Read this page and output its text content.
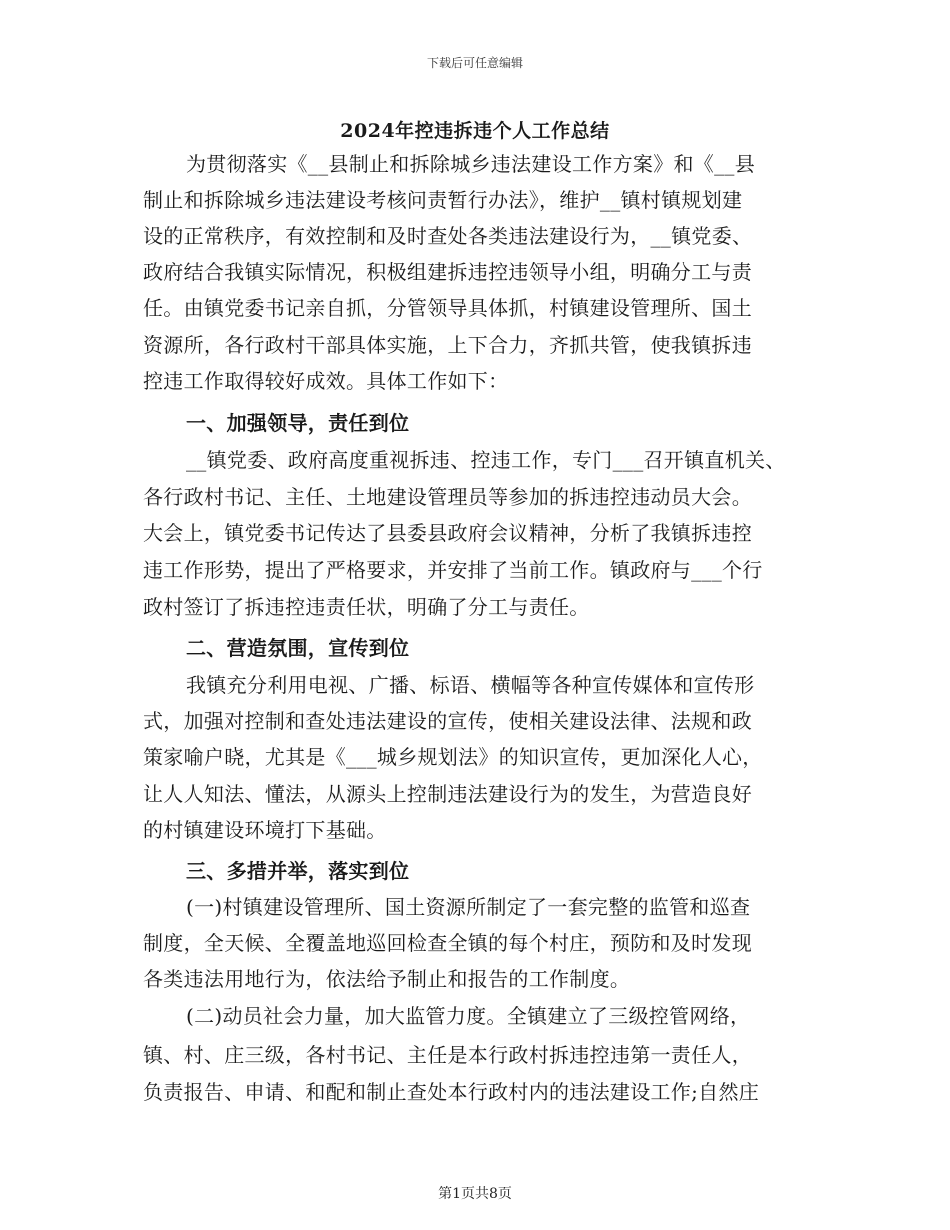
下载后可任意编辑
2024年控违拆违个人工作总结
为贯彻落实《__县制止和拆除城乡违法建设工作方案》和《__县
制止和拆除城乡违法建设考核问责暂行办法》，维护__镇村镇规划建
设的正常秩序，有效控制和及时查处各类违法建设行为，__镇党委、
政府结合我镇实际情况，积极组建拆违控违领导小组，明确分工与责
任。由镇党委书记亲自抓，分管领导具体抓，村镇建设管理所、国土
资源所，各行政村干部具体实施，上下合力，齐抓共管，使我镇拆违
控违工作取得较好成效。具体工作如下：
一、加强领导，责任到位
__镇党委、政府高度重视拆违、控违工作，专门___召开镇直机关、
各行政村书记、主任、土地建设管理员等参加的拆违控违动员大会。
大会上，镇党委书记传达了县委县政府会议精神，分析了我镇拆违控
违工作形势，提出了严格要求，并安排了当前工作。镇政府与___个行
政村签订了拆违控违责任状，明确了分工与责任。
二、营造氛围，宣传到位
我镇充分利用电视、广播、标语、横幅等各种宣传媒体和宣传形
式，加强对控制和查处违法建设的宣传，使相关建设法律、法规和政
策家喻户晓，尤其是《___城乡规划法》的知识宣传，更加深化人心，
让人人知法、懂法，从源头上控制违法建设行为的发生，为营造良好
的村镇建设环境打下基础。
三、多措并举，落实到位
(一)村镇建设管理所、国土资源所制定了一套完整的监管和巡查
制度，全天候、全覆盖地巡回检查全镇的每个村庄，预防和及时发现
各类违法用地行为，依法给予制止和报告的工作制度。
(二)动员社会力量，加大监管力度。全镇建立了三级控管网络，
镇、村、庄三级，各村书记、主任是本行政村拆违控违第一责任人，
负责报告、申请、和配和制止查处本行政村内的违法建设工作;自然庄
第1页共8页
